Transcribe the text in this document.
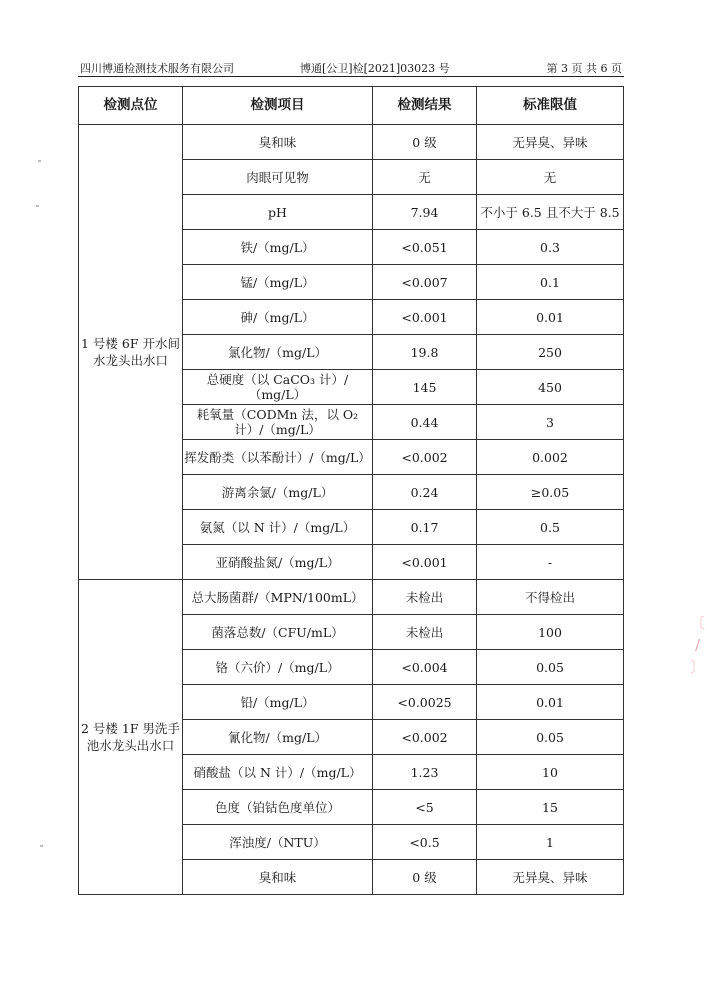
四川博通检测技术服务有限公司	博通[公卫]检[2021]03023 号	第 3 页 共 6 页
检测点位	检测项目	检测结果	标准限值
1 号楼 6F 开水间水龙头出水口	臭和味	0 级	无异臭、异味
	肉眼可见物	无	无
	pH	7.94	不小于 6.5 且不大于 8.5
	铁/（mg/L）	<0.051	0.3
	锰/（mg/L）	<0.007	0.1
	砷/（mg/L）	<0.001	0.01
	氯化物/（mg/L）	19.8	250
	总硬度（以 CaCO₃ 计）/（mg/L）	145	450
	耗氧量（CODMn 法，以 O₂ 计）/（mg/L）	0.44	3
	挥发酚类（以苯酚计）/（mg/L）	<0.002	0.002
	游离余氯/（mg/L）	0.24	≥0.05
	氨氮（以 N 计）/（mg/L）	0.17	0.5
	亚硝酸盐氮/（mg/L）	<0.001	-
2 号楼 1F 男洗手池水龙头出水口	总大肠菌群/（MPN/100mL）	未检出	不得检出
	菌落总数/（CFU/mL）	未检出	100
	铬（六价）/（mg/L）	<0.004	0.05
	铅/（mg/L）	<0.0025	0.01
	氰化物/（mg/L）	<0.002	0.05
	硝酸盐（以 N 计）/（mg/L）	1.23	10
	色度（铂钴色度单位）	<5	15
	浑浊度/（NTU）	<0.5	1
	臭和味	0 级	无异臭、异味
〔
/
〕
